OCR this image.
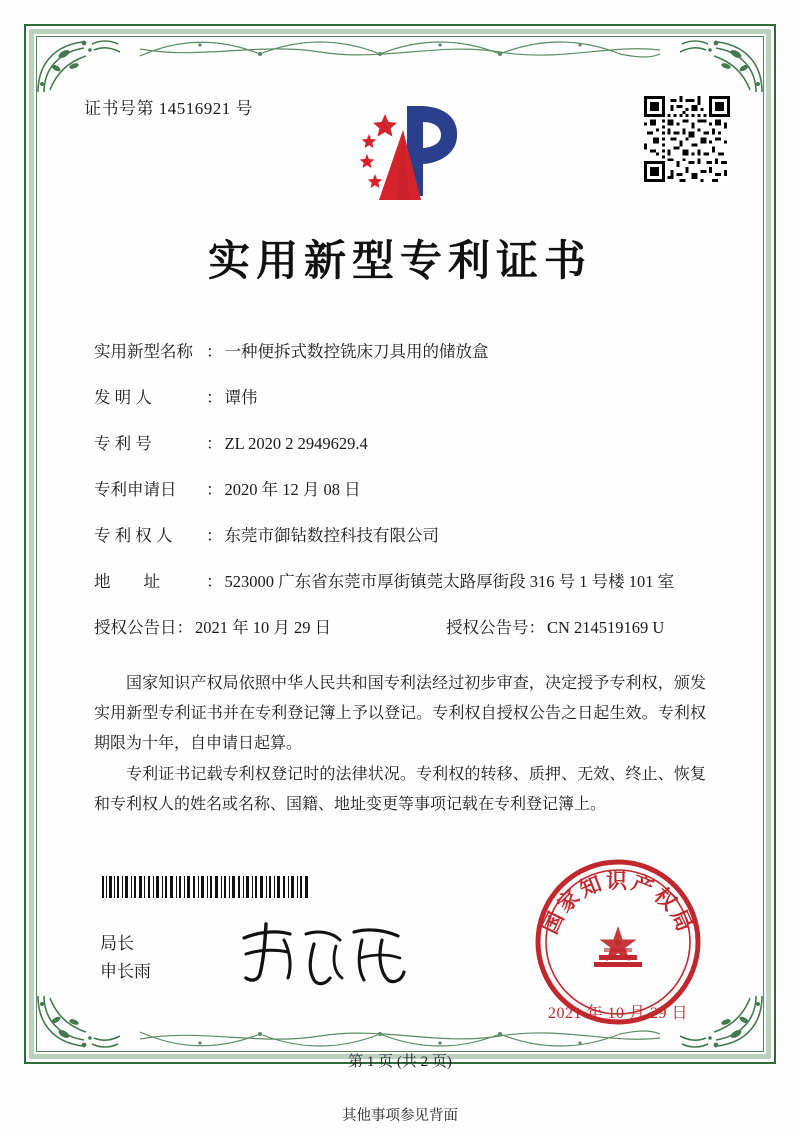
证书号第 14516921 号
实用新型专利证书
实用新型名称 ： 一种便拆式数控铣床刀具用的储放盒
发 明 人	： 谭伟
专 利 号	： ZL 2020 2 2949629.4
专利申请日	： 2020 年 12 月 08 日
专 利 权 人	： 东莞市御钻数控科技有限公司
地　　址	： 523000 广东省东莞市厚街镇莞太路厚街段 316 号 1 号楼 101 室
授权公告日 ： 2021 年 10 月 29 日	授权公告号 ： CN 214519169 U

国家知识产权局依照中华人民共和国专利法经过初步审查，决定授予专利权，颁发实用新型专利证书并在专利登记簿上予以登记。专利权自授权公告之日起生效。专利权期限为十年，自申请日起算。

专利证书记载专利权登记时的法律状况。专利权的转移、质押、无效、终止、恢复和专利权人的姓名或名称、国籍、地址变更等事项记载在专利登记簿上。

局长
申长雨
国家知识产权局
2021 年 10 月 29 日
第 1 页 (共 2 页)
其他事项参见背面
